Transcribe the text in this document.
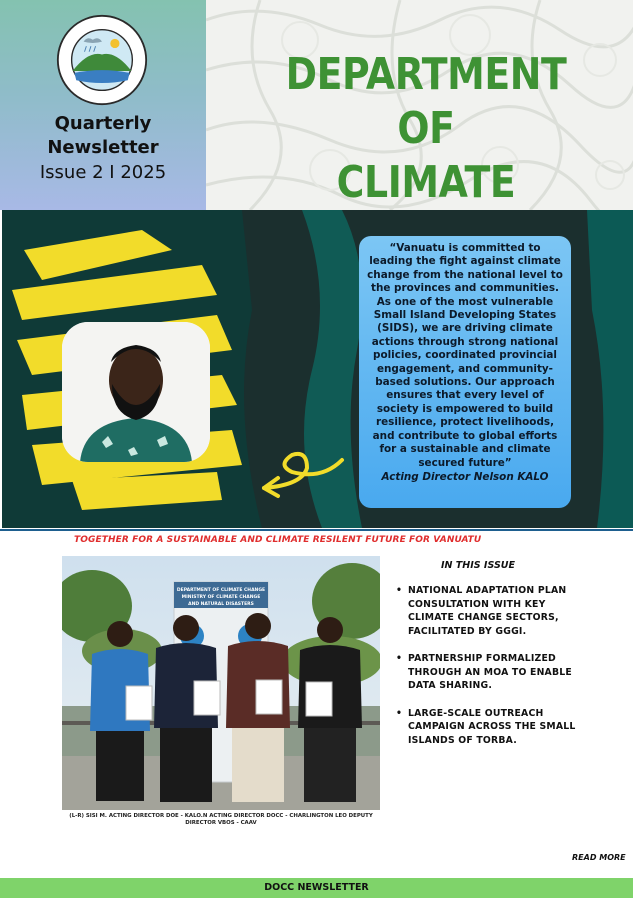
Quarterly
Newsletter
Issue 2 I 2025
DEPARTMENT OF
CLIMATE

“Vanuatu is committed to leading the fight against climate change from the national level to the provinces and communities. As one of the most vulnerable Small Island Developing States (SIDS), we are driving climate actions through strong national policies, coordinated provincial engagement, and community-based solutions. Our approach ensures that every level of society is empowered to build resilience, protect livelihoods, and contribute to global efforts for a sustainable and climate secured future”

Acting Director Nelson KALO

TOGETHER FOR A SUSTAINABLE AND CLIMATE RESILENT FUTURE FOR VANUATU
DEPARTMENT OF CLIMATE CHANGE
MINISTRY OF CLIMATE CHANGE
AND NATURAL DISASTERS
(L-R) SISI M. ACTING DIRECTOR DOE - KALO.N ACTING DIRECTOR DOCC - CHARLINGTON LEO DEPUTY
DIRECTOR VBOS - CAAV
IN THIS ISSUE
• NATIONAL ADAPTATION PLAN CONSULTATION WITH KEY CLIMATE CHANGE SECTORS, FACILITATED BY GGGI.
• PARTNERSHIP FORMALIZED THROUGH AN MOA TO ENABLE DATA SHARING.
• LARGE-SCALE OUTREACH CAMPAIGN ACROSS THE SMALL ISLANDS OF TORBA.
READ MORE
DOCC NEWSLETTER
